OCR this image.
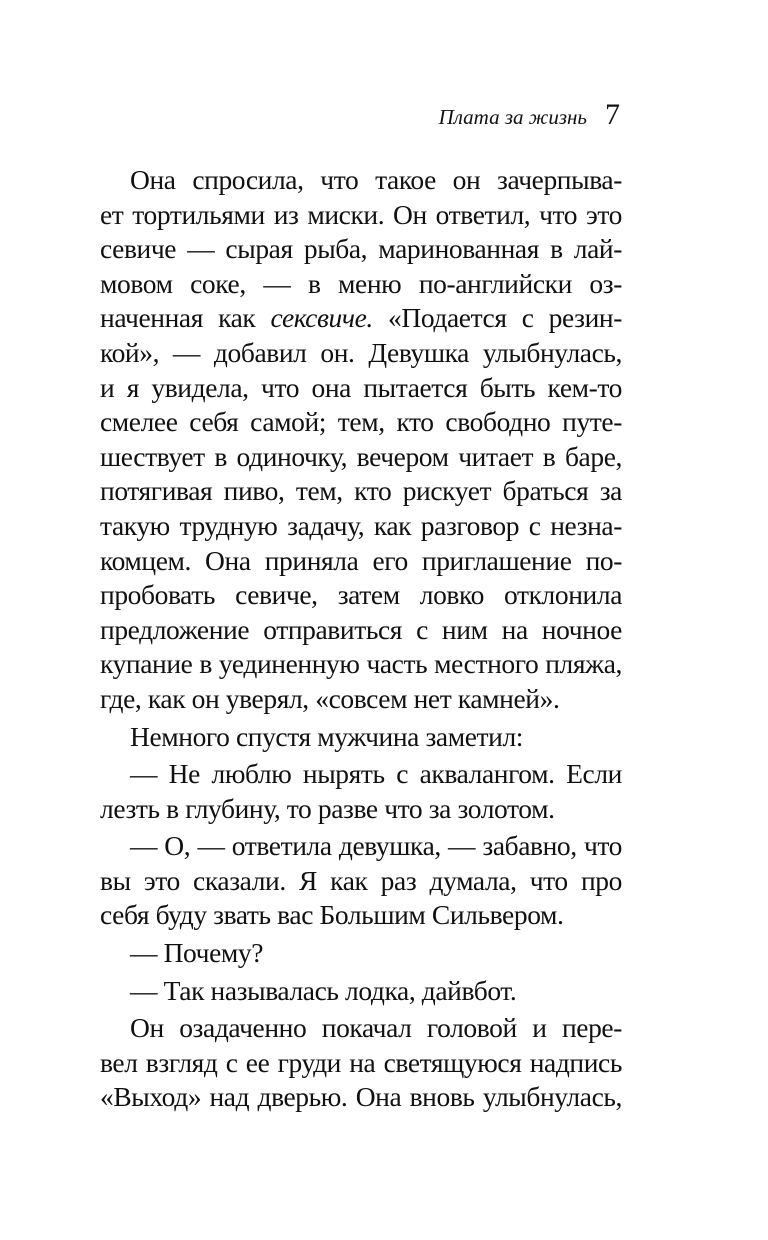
Плата за жизнь 7
Она спросила, что такое он зачерпыва-
ет тортильями из миски. Он ответил, что это
севиче — сырая рыба, маринованная в лай-
мовом соке, — в меню по-английски оз-
наченная как сексвиче. «Подается с резин-
кой», — добавил он. Девушка улыбнулась,
и я увидела, что она пытается быть кем-то
смелее себя самой; тем, кто свободно путе-
шествует в одиночку, вечером читает в баре,
потягивая пиво, тем, кто рискует браться за
такую трудную задачу, как разговор с незна-
комцем. Она приняла его приглашение по-
пробовать севиче, затем ловко отклонила
предложение отправиться с ним на ночное
купание в уединенную часть местного пляжа,
где, как он уверял, «совсем нет камней».
Немного спустя мужчина заметил:
— Не люблю нырять с аквалангом. Если
лезть в глубину, то разве что за золотом.
— О, — ответила девушка, — забавно, что
вы это сказали. Я как раз думала, что про
себя буду звать вас Большим Сильвером.
— Почему?
— Так называлась лодка, дайвбот.
Он озадаченно покачал головой и пере-
вел взгляд с ее груди на светящуюся надпись
«Выход» над дверью. Она вновь улыбнулась,
